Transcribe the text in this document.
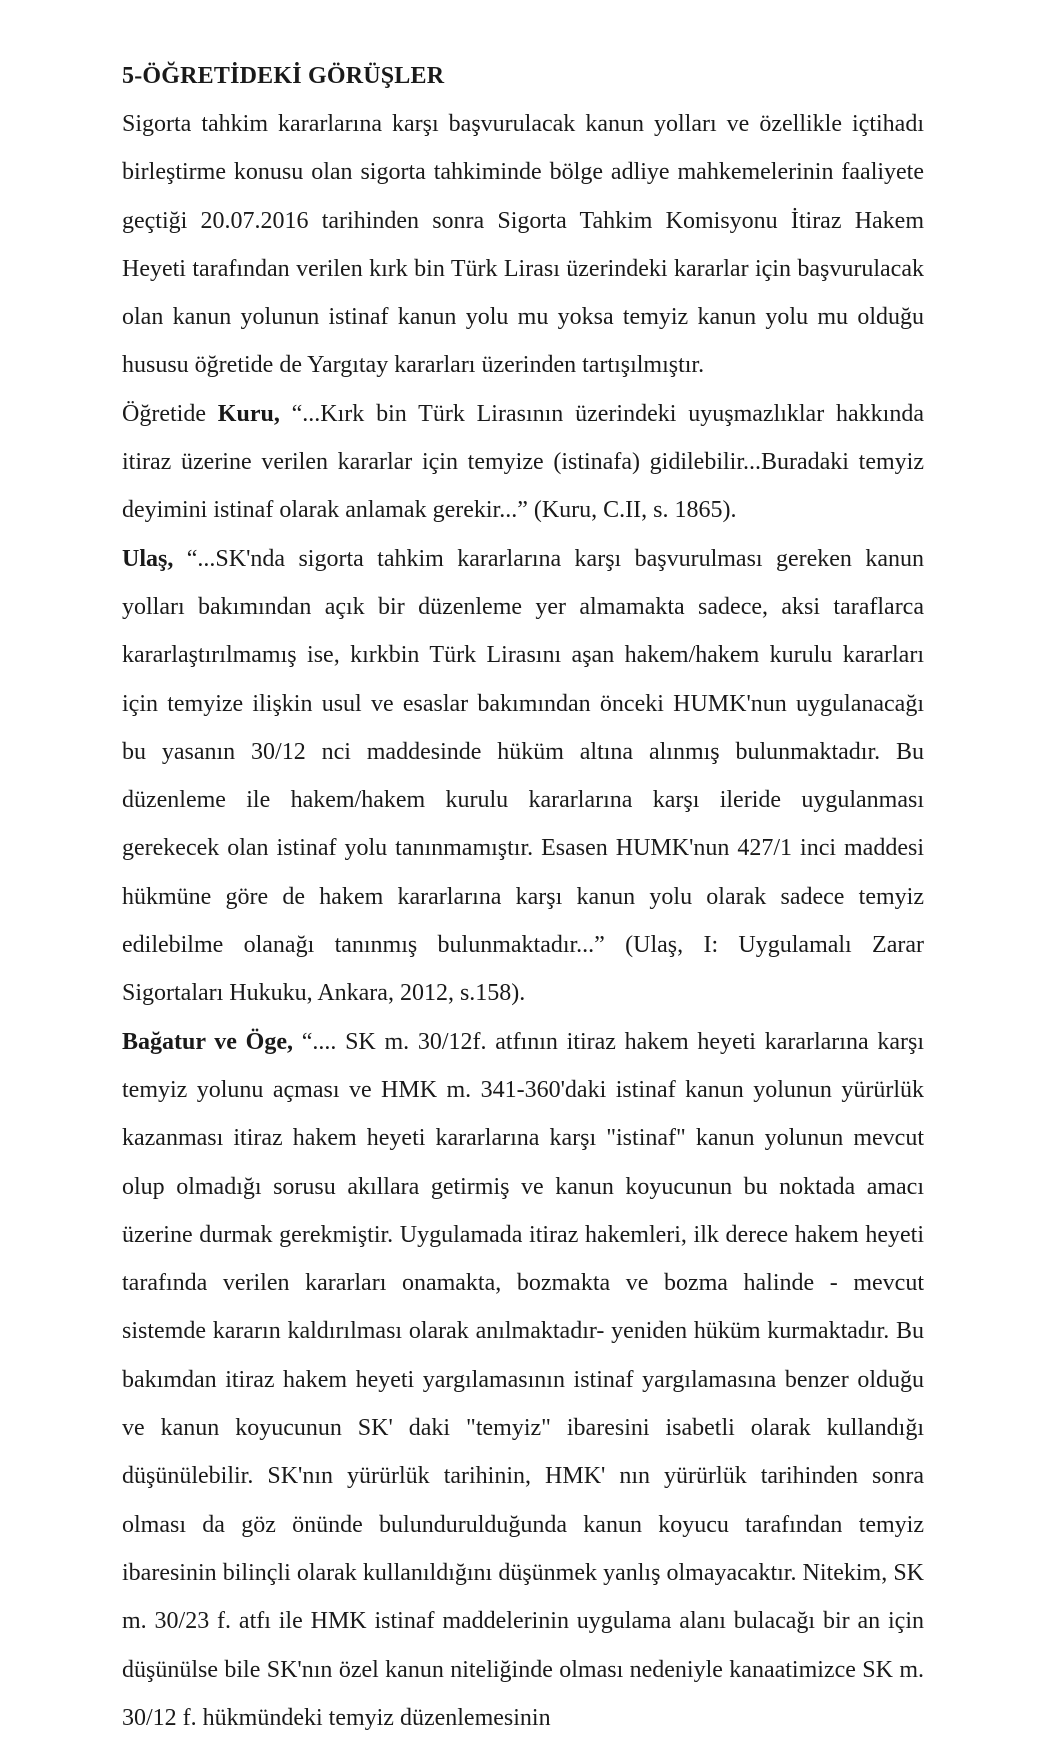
5-ÖĞRETİDEKİ GÖRÜŞLER

Sigorta tahkim kararlarına karşı başvurulacak kanun yolları ve özellikle içtihadı birleştirme konusu olan sigorta tahkiminde bölge adliye mahkemelerinin faaliyete geçtiği 20.07.2016 tarihinden sonra Sigorta Tahkim Komisyonu İtiraz Hakem Heyeti tarafından verilen kırk bin Türk Lirası üzerindeki kararlar için başvurulacak olan kanun yolunun istinaf kanun yolu mu yoksa temyiz kanun yolu mu olduğu hususu öğretide de Yargıtay kararları üzerinden tartışılmıştır.

Öğretide Kuru, “...Kırk bin Türk Lirasının üzerindeki uyuşmazlıklar hakkında itiraz üzerine verilen kararlar için temyize (istinafa) gidilebilir...Buradaki temyiz deyimini istinaf olarak anlamak gerekir...” (Kuru, C.II, s. 1865).

Ulaş, “...SK'nda sigorta tahkim kararlarına karşı başvurulması gereken kanun yolları bakımından açık bir düzenleme yer almamakta sadece, aksi taraflarca kararlaştırılmamış ise, kırkbin Türk Lirasını aşan hakem/hakem kurulu kararları için temyize ilişkin usul ve esaslar bakımından önceki HUMK'nun uygulanacağı bu yasanın 30/12 nci maddesinde hüküm altına alınmış bulunmaktadır. Bu düzenleme ile hakem/hakem kurulu kararlarına karşı ileride uygulanması gerekecek olan istinaf yolu tanınmamıştır. Esasen HUMK'nun 427/1 inci maddesi hükmüne göre de hakem kararlarına karşı kanun yolu olarak sadece temyiz edilebilme olanağı tanınmış bulunmaktadır...” (Ulaş, I: Uygulamalı Zarar Sigortaları Hukuku, Ankara, 2012, s.158).

Bağatur ve Öge, “.... SK m. 30/12f. atfının itiraz hakem heyeti kararlarına karşı temyiz yolunu açması ve HMK m. 341-360'daki istinaf kanun yolunun yürürlük kazanması itiraz hakem heyeti kararlarına karşı "istinaf" kanun yolunun mevcut olup olmadığı sorusu akıllara getirmiş ve kanun koyucunun bu noktada amacı üzerine durmak gerekmiştir. Uygulamada itiraz hakemleri, ilk derece hakem heyeti tarafında verilen kararları onamakta, bozmakta ve bozma halinde - mevcut sistemde kararın kaldırılması olarak anılmaktadır- yeniden hüküm kurmaktadır. Bu bakımdan itiraz hakem heyeti yargılamasının istinaf yargılamasına benzer olduğu ve kanun koyucunun SK' daki "temyiz" ibaresini isabetli olarak kullandığı düşünülebilir. SK'nın yürürlük tarihinin, HMK' nın yürürlük tarihinden sonra olması da göz önünde bulundurulduğunda kanun koyucu tarafından temyiz ibaresinin bilinçli olarak kullanıldığını düşünmek yanlış olmayacaktır. Nitekim, SK m. 30/23 f. atfı ile HMK istinaf maddelerinin uygulama alanı bulacağı bir an için düşünülse bile SK'nın özel kanun niteliğinde olması nedeniyle kanaatimizce SK m. 30/12 f. hükmündeki temyiz düzenlemesinin
